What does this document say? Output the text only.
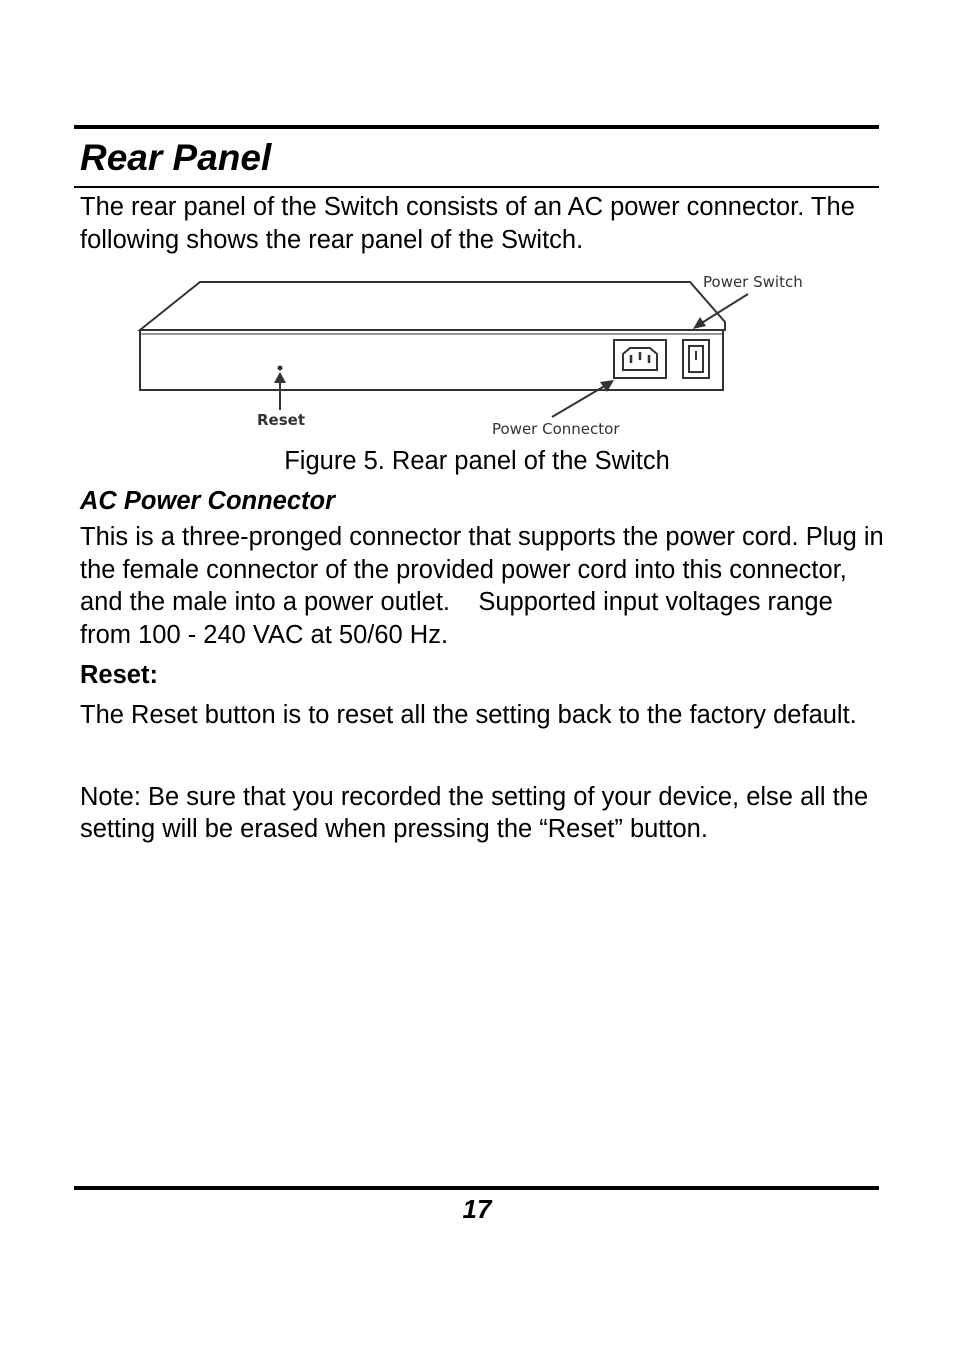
Rear Panel

The rear panel of the Switch consists of an AC power connector. The following shows the rear panel of the Switch.

Reset	Power Connector
Power Switch
Figure 5. Rear panel of the Switch
AC Power Connector

This is a three-pronged connector that supports the power cord. Plug in the female connector of the provided power cord into this connector, and the male into a power outlet.    Supported input voltages range from 100 - 240 VAC at 50/60 Hz.

Reset:

The Reset button is to reset all the setting back to the factory default.

Note: Be sure that you recorded the setting of your device, else all the setting will be erased when pressing the “Reset” button.

17
